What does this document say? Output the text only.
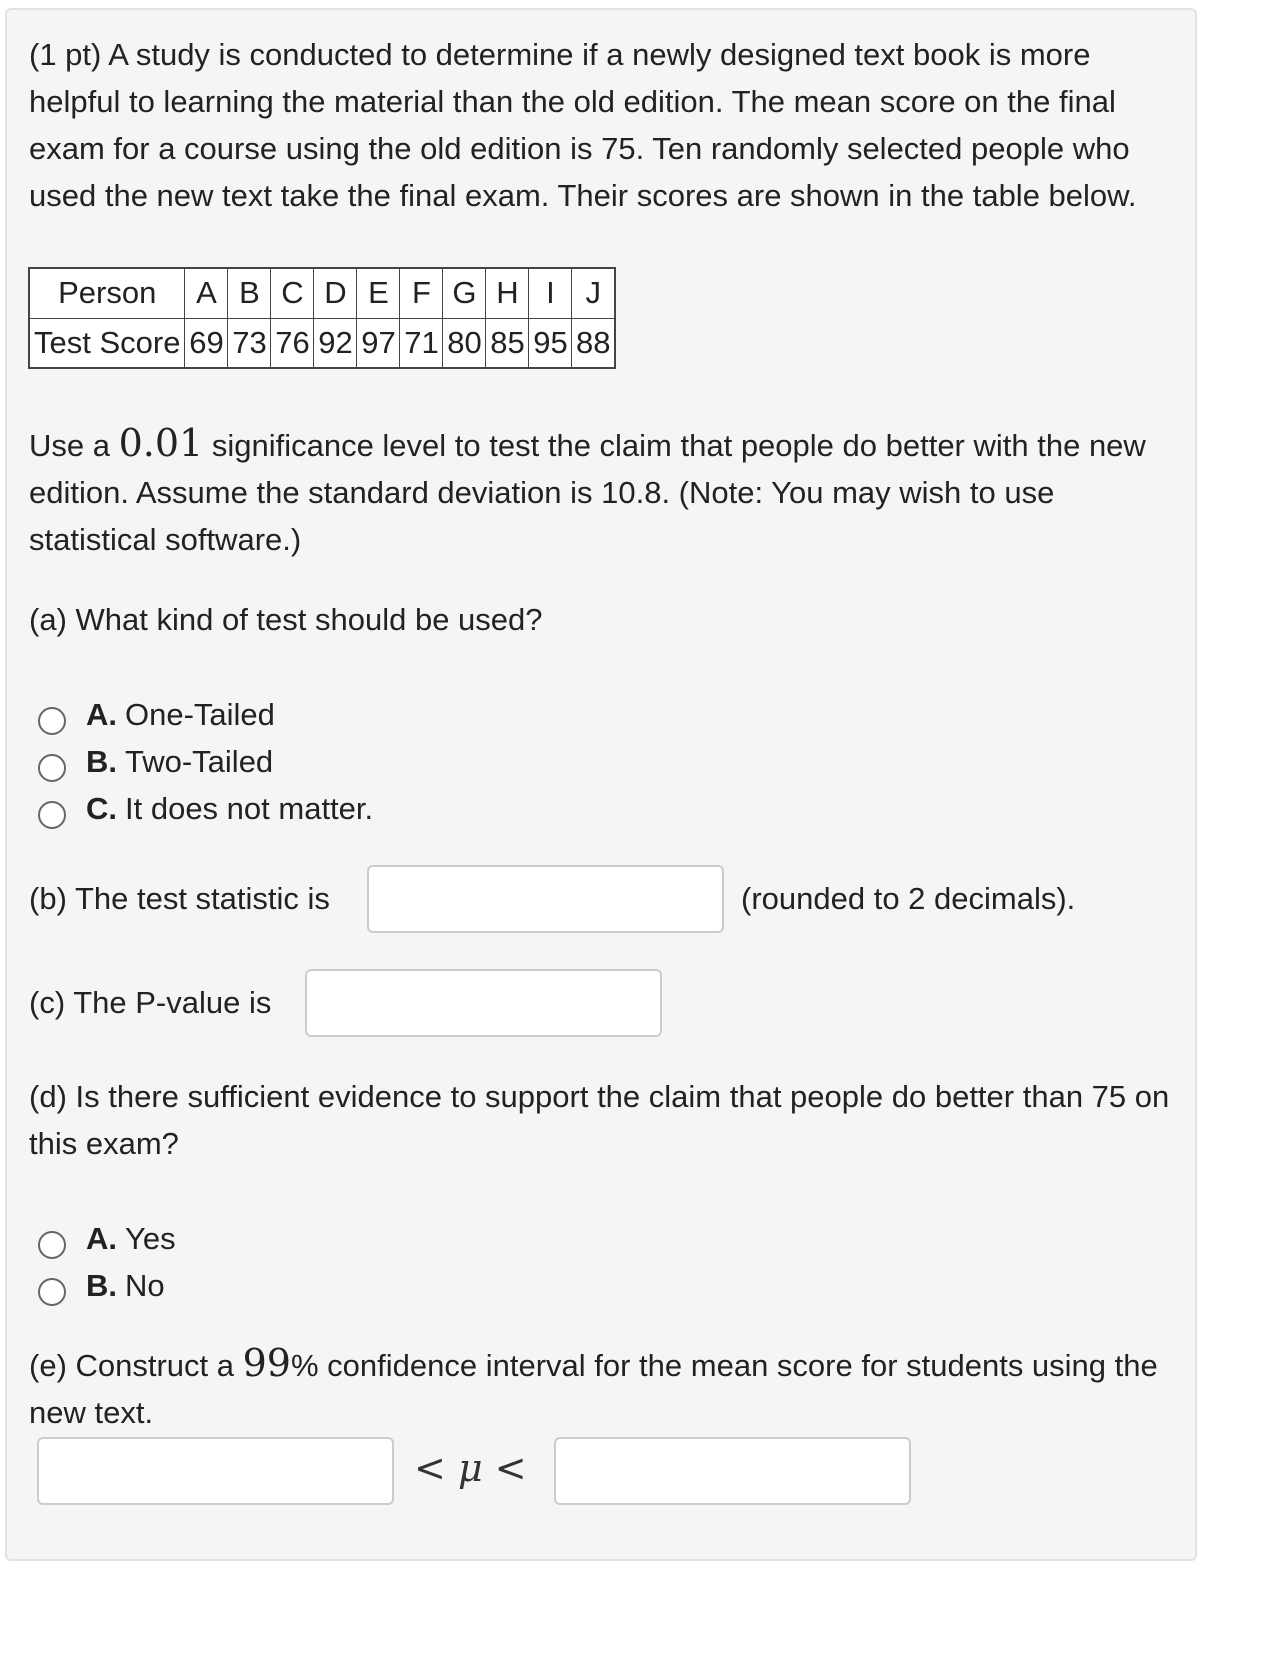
(1 pt) A study is conducted to determine if a newly designed text book is more helpful to learning the material than the old edition. The mean score on the final exam for a course using the old edition is 75. Ten randomly selected people who used the new text take the final exam. Their scores are shown in the table below.

Person	A	B	C	D	E	F	G	H	I	J
Test Score	69	73	76	92	97	71	80	85	95	88

Use a 0.01 significance level to test the claim that people do better with the new edition. Assume the standard deviation is 10.8. (Note: You may wish to use statistical software.)

(a) What kind of test should be used?

A. One-Tailed
B. Two-Tailed
C. It does not matter.
(b) The test statistic is	(rounded to 2 decimals).
(c) The P-value is

(d) Is there sufficient evidence to support the claim that people do better than 75 on this exam?

A. Yes
B. No

(e) Construct a 99% confidence interval for the mean score for students using the new text.

< μ <
